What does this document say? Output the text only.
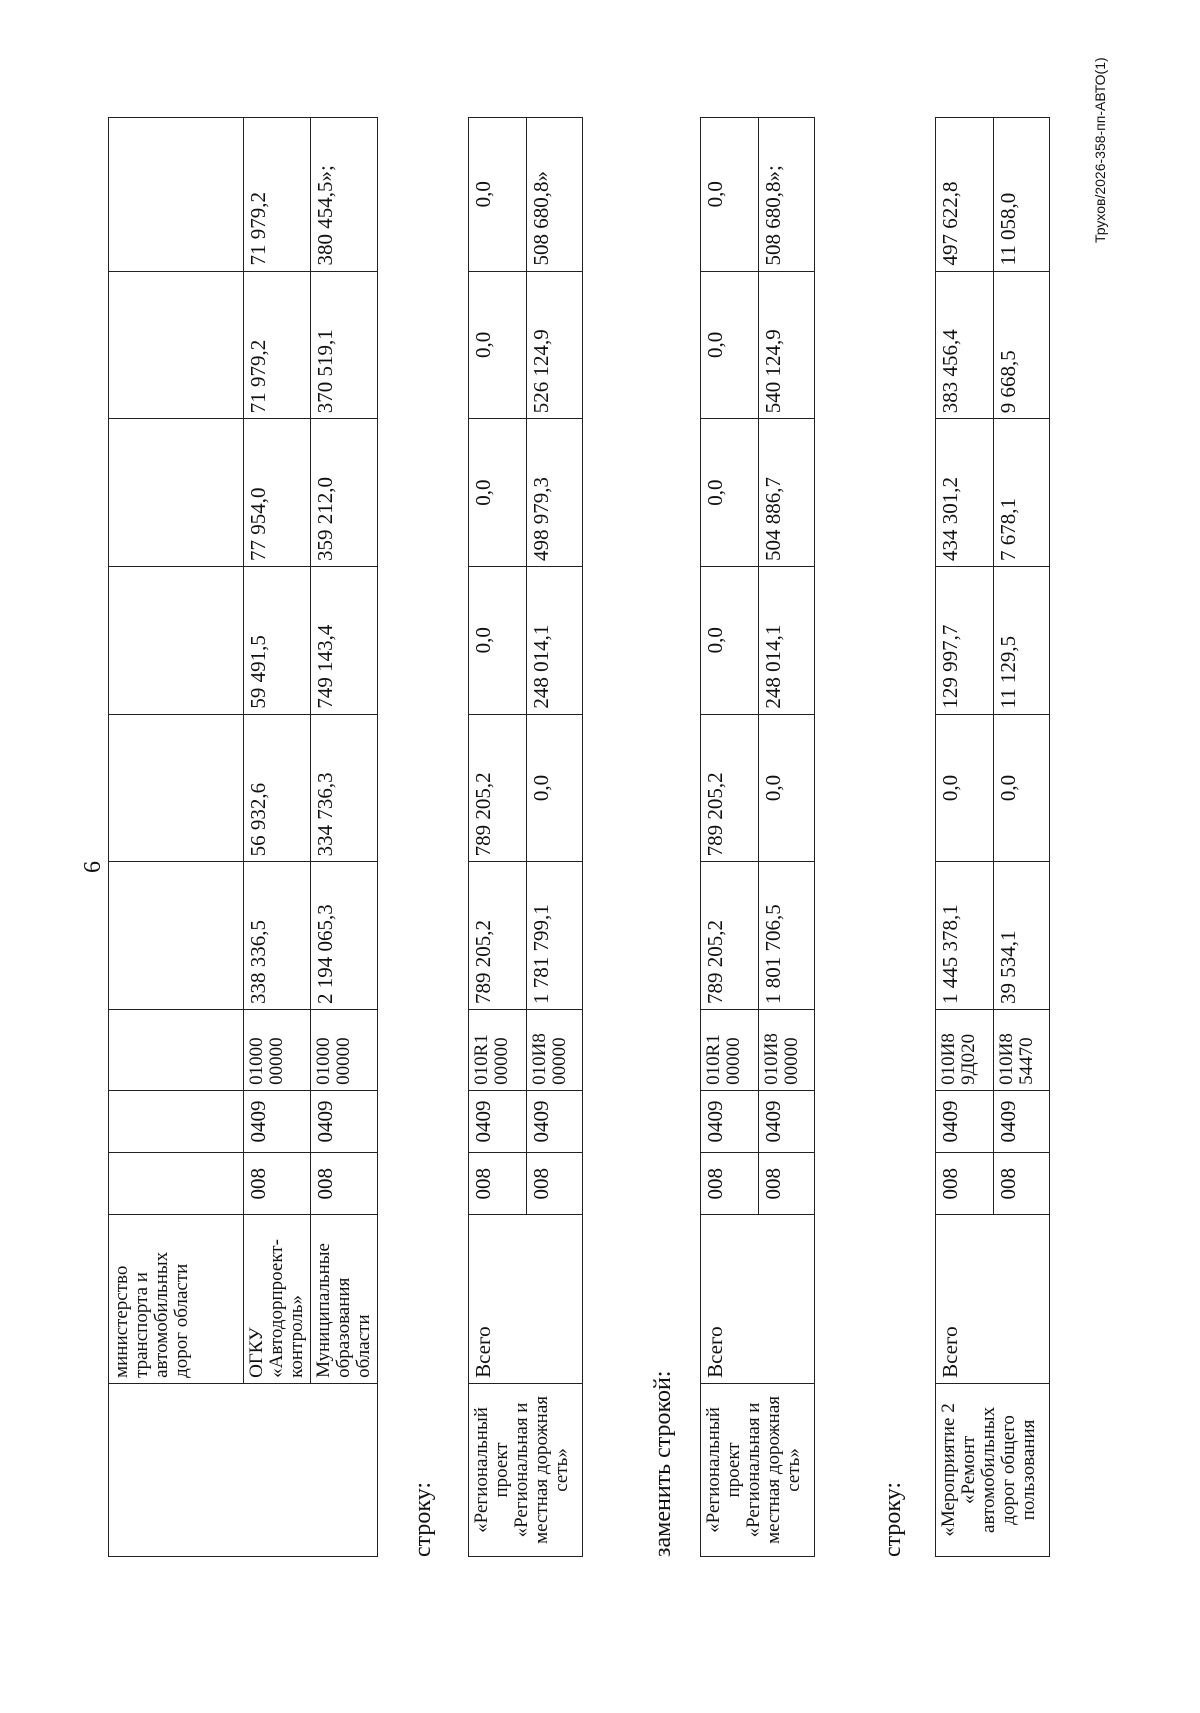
6
	министерство транспорта и автомобильных дорог области									
	ОГКУ «Автодорпроект-контроль»	008	0409	01000 00000	338 336,5	56 932,6	59 491,5	77 954,0	71 979,2	71 979,2
	Муниципальные образования области	008	0409	01000 00000	2 194 065,3	334 736,3	749 143,4	359 212,0	370 519,1	380 454,5»;
строку: «Региональный проект «Региональная и местная дорожная сеть»	Всего	008	0409	010R1 00000	789 205,2	789 205,2	0,0	0,0	0,0	0,0
		008	0409	010И8 00000	1 781 799,1	0,0	248 014,1	498 979,3	526 124,9	508 680,8»
заменить строкой: «Региональный проект «Региональная и местная дорожная сеть»	Всего	008	0409	010R1 00000	789 205,2	789 205,2	0,0	0,0	0,0	0,0
		008	0409	010И8 00000	1 801 706,5	0,0	248 014,1	504 886,7	540 124,9	508 680,8»;
строку: «Мероприятие 2 «Ремонт автомобильных дорог общего пользования	Всего	008	0409	010И8 9Д020	1 445 378,1	0,0	129 997,7	434 301,2	383 456,4	497 622,8
		008	0409	010И8 54470	39 534,1	0,0	11 129,5	7 678,1	9 668,5	11 058,0	Трухов/2026-358-пп-АВТО(1)
